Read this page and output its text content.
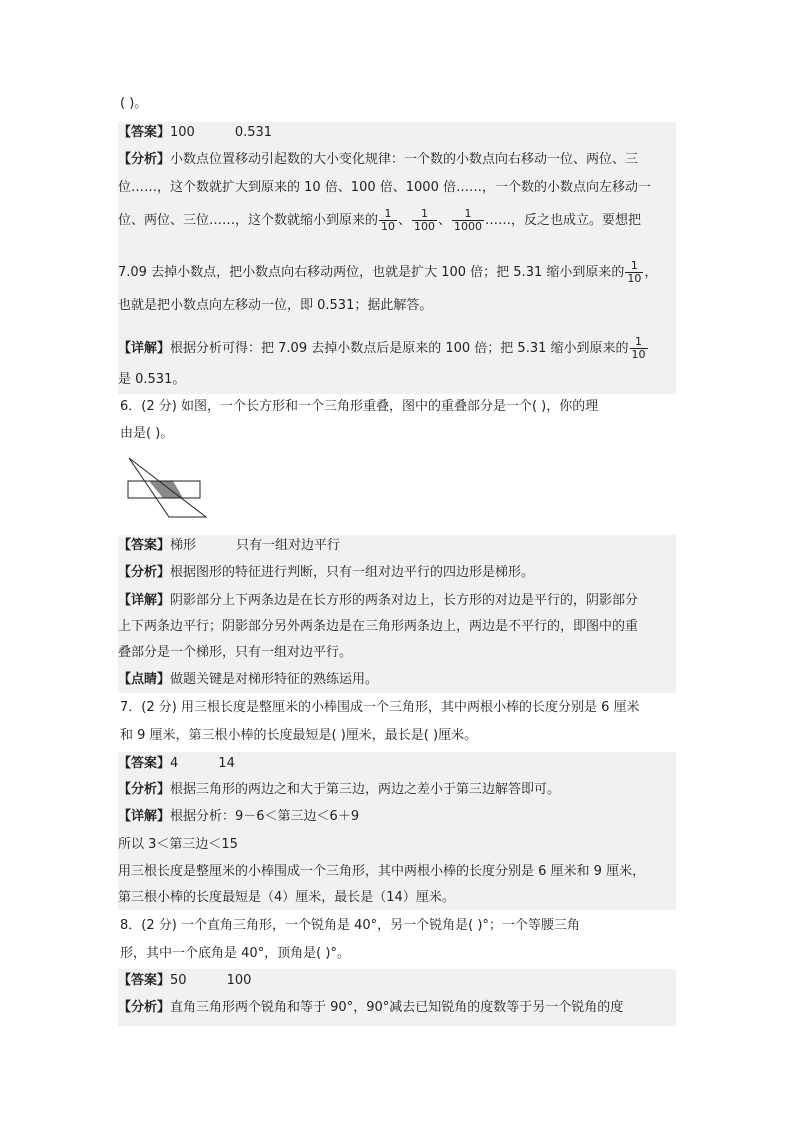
( )。
【答案】100	0.531
【分析】小数点位置移动引起数的大小变化规律：一个数的小数点向右移动一位、两位、三
位……，这个数就扩大到原来的 10 倍、100 倍、1000 倍……，一个数的小数点向左移动一
位、两位、三位……，这个数就缩小到原来的 $\frac{1}{10}$ 、 $\frac{1}{100}$ 、 $\frac{1}{1000}$ ……，反之也成立。要想把
7.09 去掉小数点，把小数点向右移动两位，也就是扩大 100 倍；把 5.31 缩小到原来的 $\frac{1}{10}$ ，
也就是把小数点向左移动一位，即 0.531；据此解答。
【详解】根据分析可得：把 7.09 去掉小数点后是原来的 100 倍；把 5.31 缩小到原来的 $\frac{1}{10}$
是 0.531。
6．(2 分) 如图，一个长方形和一个三角形重叠，图中的重叠部分是一个( )，你的理
由是( )。
【答案】梯形	只有一组对边平行
【分析】根据图形的特征进行判断，只有一组对边平行的四边形是梯形。
【详解】阴影部分上下两条边是在长方形的两条对边上，长方形的对边是平行的，阴影部分
上下两条边平行；阴影部分另外两条边是在三角形两条边上，两边是不平行的，即图中的重
叠部分是一个梯形，只有一组对边平行。
【点睛】做题关键是对梯形特征的熟练运用。
7．(2 分) 用三根长度是整厘米的小棒围成一个三角形，其中两根小棒的长度分别是 6 厘米
和 9 厘米，第三根小棒的长度最短是( )厘米，最长是( )厘米。
【答案】4	14
【分析】根据三角形的两边之和大于第三边，两边之差小于第三边解答即可。
【详解】根据分析：9－6＜第三边＜6＋9
所以 3＜第三边＜15
用三根长度是整厘米的小棒围成一个三角形，其中两根小棒的长度分别是 6 厘米和 9 厘米，
第三根小棒的长度最短是（4）厘米，最长是（14）厘米。
8．(2 分) 一个直角三角形，一个锐角是 40°，另一个锐角是( )°；一个等腰三角
形，其中一个底角是 40°，顶角是( )°。
【答案】50	100
【分析】直角三角形两个锐角和等于 90°，90°减去已知锐角的度数等于另一个锐角的度
